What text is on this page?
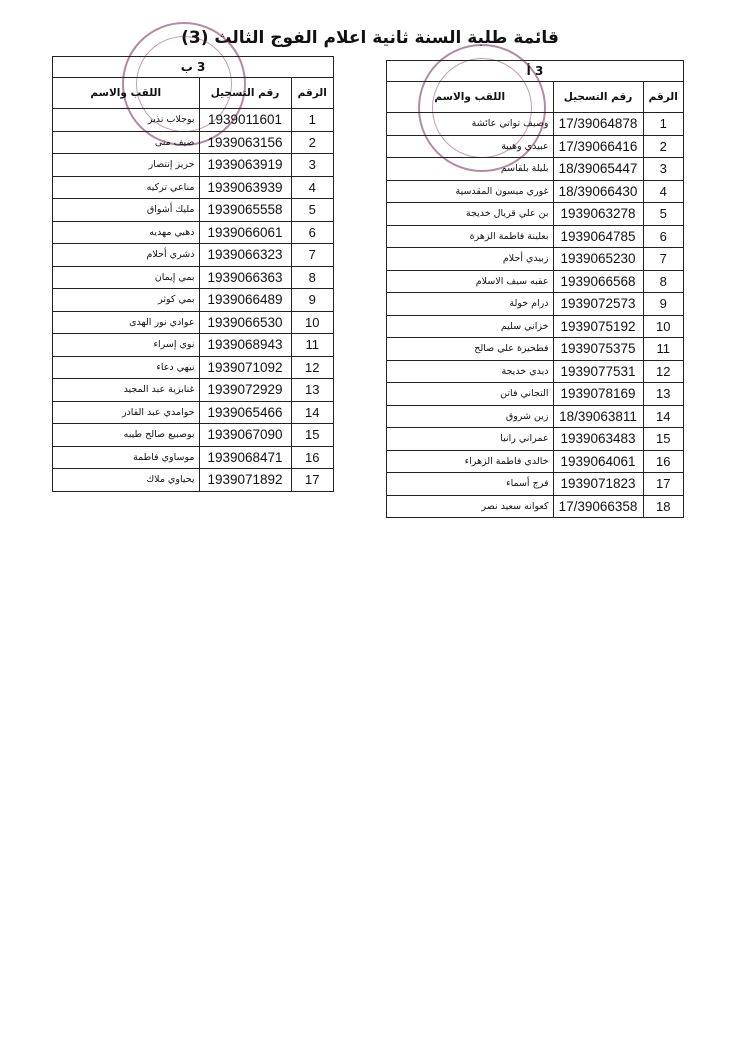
قائمة طلبة السنة ثانية اعلام الفوج الثالث (3)
3 ب
الرقم	رقم التسجيل	اللقب والاسم
1	1939011601	بوجلاب نذير
2	1939063156	ضيف منى
3	1939063919	حريز إنتصار
4	1939063939	مناعي تركيه
5	1939065558	مليك أشواق
6	1939066061	ذهبي مهديه
7	1939066323	دشري أحلام
8	1939066363	بمي إيمان
9	1939066489	بمي كوثر
10	1939066530	عوادي نور الهدى
11	1939068943	نوي إسراء
12	1939071092	نيهي دعاء
13	1939072929	غنابزية عبد المجيد
14	1939065466	حوامدي عبد القادر
15	1939067090	بوصبيع صالح طيبه
16	1939068471	موساوي فاطمة
17	1939071892	يحياوي ملاك
3 أ
الرقم	رقم التسجيل	اللقب والاسم
1	17/39064878	وصيف تواتي عائشة
2	17/39066416	عبيدي وهيبة
3	18/39065447	بليلة بلقاسم
4	18/39066430	غوري ميسون المقدسية
5	1939063278	بن علي قريال خديجة
6	1939064785	بعلينة فاطمة الزهرة
7	1939065230	زبيدي أحلام
8	1939066568	عقبه سيف الاسلام
9	1939072573	درام خولة
10	1939075192	خزاني سليم
11	1939075375	فطحيزة علي صالح
12	1939077531	ديدي خديجة
13	1939078169	التجاني فاتن
14	18/39063811	زين شروق
15	1939063483	عمراني رانيا
16	1939064061	خالدي فاطمة الزهراء
17	1939071823	فرج أسماء
18	17/39066358	كعوانه سعيد نصر
